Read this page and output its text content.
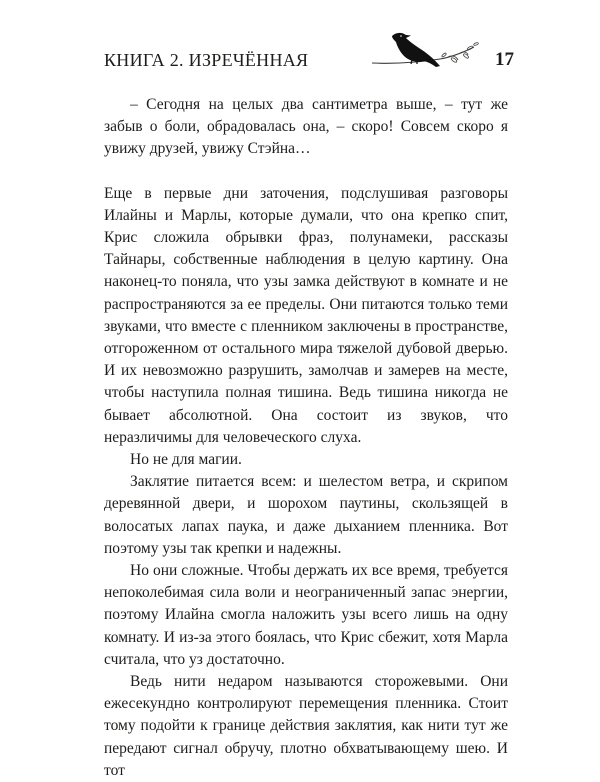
КНИГА 2. ИЗРЕЧЁННАЯ	17

– Сегодня на целых два сантиметра выше, – тут же забыв о боли, обрадовалась она, – скоро! Совсем скоро я увижу друзей, увижу Стэйна…

Еще в первые дни заточения, подслушивая разговоры Илайны и Марлы, которые думали, что она крепко спит, Крис сложила обрывки фраз, полунамеки, рассказы Тайнары, собственные наблюдения в целую картину. Она наконец-то поняла, что узы замка действуют в комнате и не распространяются за ее пределы. Они питаются только теми звуками, что вместе с пленником заключены в пространстве, отгороженном от остального мира тяжелой дубовой дверью. И их невозможно разрушить, замолчав и замерев на месте, чтобы наступила полная тишина. Ведь тишина никогда не бывает абсолютной. Она состоит из звуков, что неразличимы для человеческого слуха.

Но не для магии.

Заклятие питается всем: и шелестом ветра, и скрипом деревянной двери, и шорохом паутины, скользящей в волосатых лапах паука, и даже дыханием пленника. Вот поэтому узы так крепки и надежны.

Но они сложные. Чтобы держать их все время, требуется непоколебимая сила воли и неограниченный запас энергии, поэтому Илайна смогла наложить узы всего лишь на одну комнату. И из-за этого боялась, что Крис сбежит, хотя Марла считала, что уз достаточно.

Ведь нити недаром называются сторожевыми. Они ежесекундно контролируют перемещения пленника. Стоит тому подойти к границе действия заклятия, как нити тут же передают сигнал обручу, плотно обхватывающему шею. И тот
